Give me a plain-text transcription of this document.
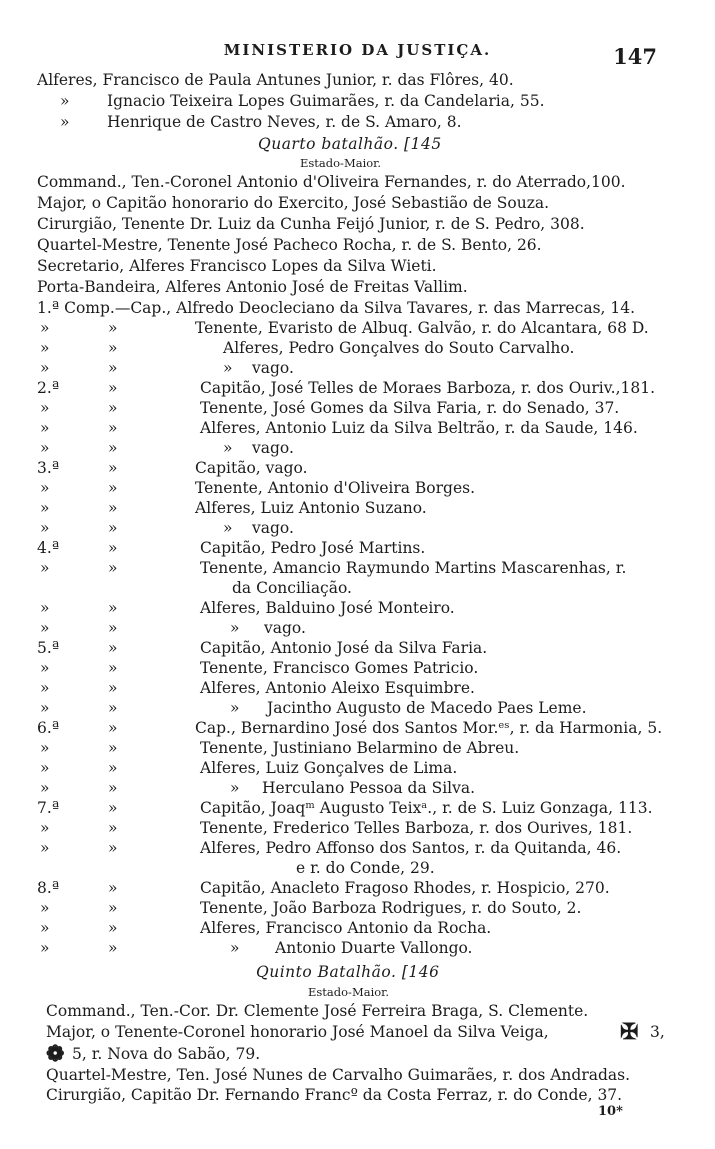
MINISTERIO DA JUSTIÇA.	147
Alferes, Francisco de Paula Antunes Junior, r. das Flôres, 40.
» Ignacio Teixeira Lopes Guimarães, r. da Candelaria, 55.
» Henrique de Castro Neves, r. de S. Amaro, 8.
Quarto batalhão. [145
Estado-Maior.
Command., Ten.-Coronel Antonio d'Oliveira Fernandes, r. do Aterrado,100.
Major, o Capitão honorario do Exercito, José Sebastião de Souza.
Cirurgião, Tenente Dr. Luiz da Cunha Feijó Junior, r. de S. Pedro, 308.
Quartel-Mestre, Tenente José Pacheco Rocha, r. de S. Bento, 26.
Secretario, Alferes Francisco Lopes da Silva Wieti.
Porta-Bandeira, Alferes Antonio José de Freitas Vallim.
1.ª Comp.—Cap., Alfredo Deocleciano da Silva Tavares, r. das Marrecas, 14.
»	»	Tenente, Evaristo de Albuq. Galvão, r. do Alcantara, 68 D.
»	»	Alferes, Pedro Gonçalves do Souto Carvalho.
»	»	» vago.
2.ª	»	Capitão, José Telles de Moraes Barboza, r. dos Ouriv.,181.
»	»	Tenente, José Gomes da Silva Faria, r. do Senado, 37.
»	»	Alferes, Antonio Luiz da Silva Beltrão, r. da Saude, 146.
»	»	» vago.
3.ª	»	Capitão, vago.
»	»	Tenente, Antonio d'Oliveira Borges.
»	»	Alferes, Luiz Antonio Suzano.
»	»	» vago.
4.ª	»	Capitão, Pedro José Martins.
»	»	Tenente, Amancio Raymundo Martins Mascarenhas, r.
da Conciliação.
»	»	Alferes, Balduino José Monteiro.
»	»	» vago.
5.ª	»	Capitão, Antonio José da Silva Faria.
»	»	Tenente, Francisco Gomes Patricio.
»	»	Alferes, Antonio Aleixo Esquimbre.
»	»	» Jacintho Augusto de Macedo Paes Leme.
6.ª	»	Cap., Bernardino José dos Santos Mor.ᵉˢ, r. da Harmonia, 5.
»	»	Tenente, Justiniano Belarmino de Abreu.
»	»	Alferes, Luiz Gonçalves de Lima.
»	»	» Herculano Pessoa da Silva.
7.ª	»	Capitão, Joaqᵐ Augusto Teixᵃ., r. de S. Luiz Gonzaga, 113.
»	»	Tenente, Frederico Telles Barboza, r. dos Ourives, 181.
»	»	Alferes, Pedro Affonso dos Santos, r. da Quitanda, 46.
e r. do Conde, 29.
8.ª	»	Capitão, Anacleto Fragoso Rhodes, r. Hospicio, 270.
»	»	Tenente, João Barboza Rodrigues, r. do Souto, 2.
»	»	Alferes, Francisco Antonio da Rocha.
»	»	» Antonio Duarte Vallongo.
Quinto Batalhão. [146
Estado-Maior.
Command., Ten.-Cor. Dr. Clemente José Ferreira Braga, S. Clemente.
Major, o Tenente-Coronel honorario José Manoel da Silva Veiga,	✠ 3,
❁ 5, r. Nova do Sabão, 79.
Quartel-Mestre, Ten. José Nunes de Carvalho Guimarães, r. dos Andradas.
Cirurgião, Capitão Dr. Fernando Francº da Costa Ferraz, r. do Conde, 37.
10*
